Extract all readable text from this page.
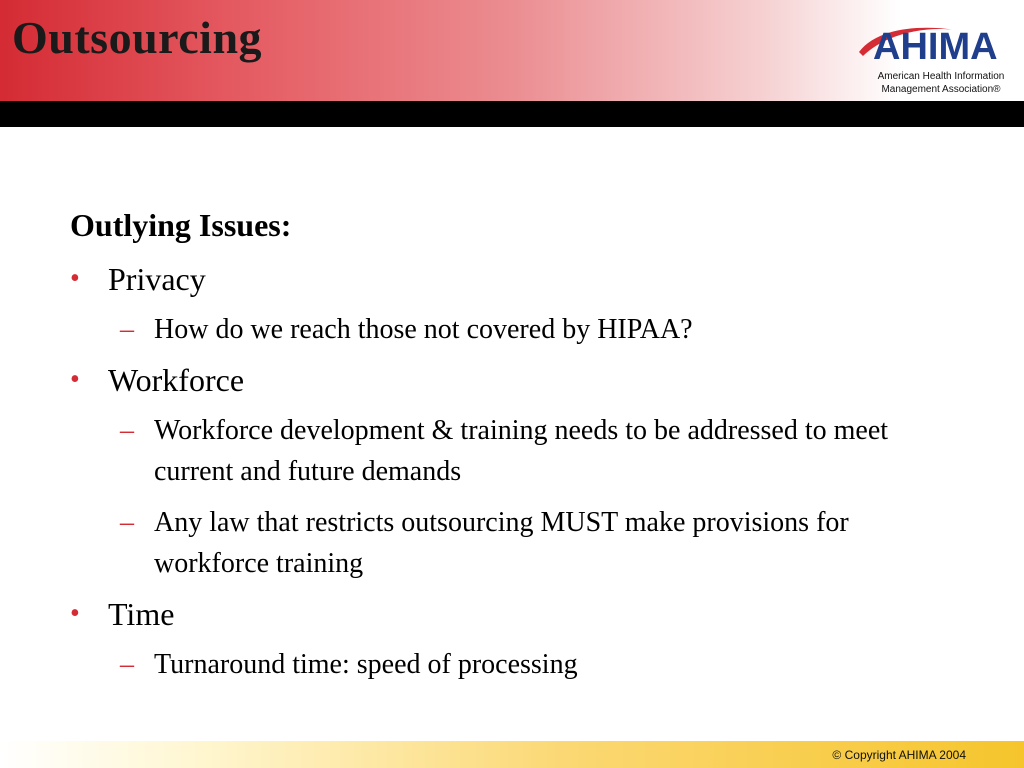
Outsourcing	AHIMA
American Health Information
Management Association®
Outlying Issues:
• Privacy
– How do we reach those not covered by HIPAA?
• Workforce
– Workforce development & training needs to be addressed to meet current and future demands
– Any law that restricts outsourcing MUST make provisions for workforce training
• Time
– Turnaround time: speed of processing
© Copyright AHIMA 2004
